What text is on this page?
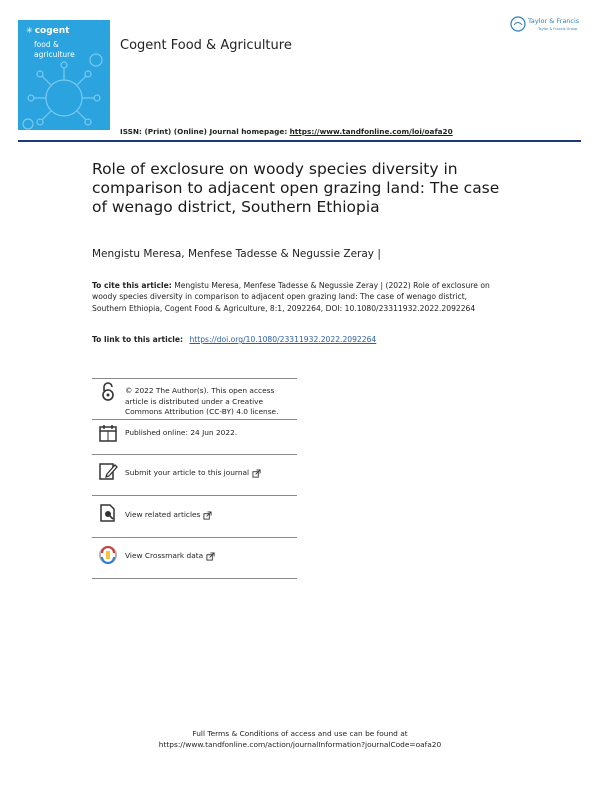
✳ cogent
food &
agriculture
Cogent Food & Agriculture
Taylor & Francis
Taylor & Francis Group
ISSN: (Print) (Online) Journal homepage: https://www.tandfonline.com/loi/oafa20
Role of exclosure on woody species diversity in comparison to adjacent open grazing land: The case of wenago district, Southern Ethiopia
Mengistu Meresa, Menfese Tadesse & Negussie Zeray |
To cite this article: Mengistu Meresa, Menfese Tadesse & Negussie Zeray | (2022) Role of exclosure on woody species diversity in comparison to adjacent open grazing land: The case of wenago district, Southern Ethiopia, Cogent Food & Agriculture, 8:1, 2092264, DOI: 10.1080/23311932.2022.2092264
To link to this article: https://doi.org/10.1080/23311932.2022.2092264
© 2022 The Author(s). This open access article is distributed under a Creative Commons Attribution (CC-BY) 4.0 license.
Published online: 24 Jun 2022.
Submit your article to this journal
View related articles
View Crossmark data
Full Terms & Conditions of access and use can be found at
https://www.tandfonline.com/action/journalInformation?journalCode=oafa20
